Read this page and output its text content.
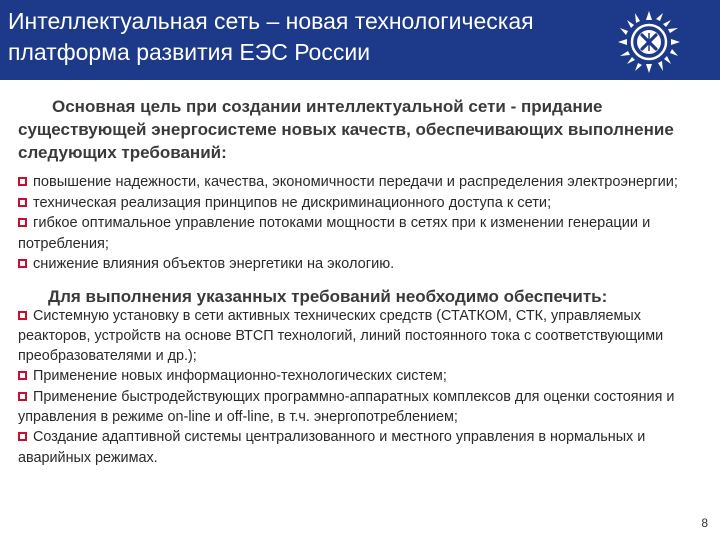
Интеллектуальная сеть – новая технологическая
платформа развития ЕЭС России

Основная цель при создании интеллектуальной сети - придание существующей энергосистеме новых качеств, обеспечивающих выполнение следующих требований:

повышение надежности, качества, экономичности передачи и распределения электроэнергии;
техническая реализация принципов не дискриминационного доступа к сети;
гибкое оптимальное управление потоками мощности в сетях при к изменении генерации и потребления;
снижение влияния объектов энергетики на экологию.
Для выполнения указанных требований необходимо обеспечить:
Системную установку в сети активных технических средств (СТАТКОМ, СТК, управляемых реакторов, устройств на основе ВТСП технологий, линий постоянного тока с соответствующими преобразователями и др.);
Применение новых информационно-технологических систем;
Применение быстродействующих программно-аппаратных комплексов для оценки состояния и управления в режиме on-line и off-line, в т.ч. энергопотреблением;
Создание адаптивной системы централизованного и местного управления в нормальных и аварийных режимах.
8
